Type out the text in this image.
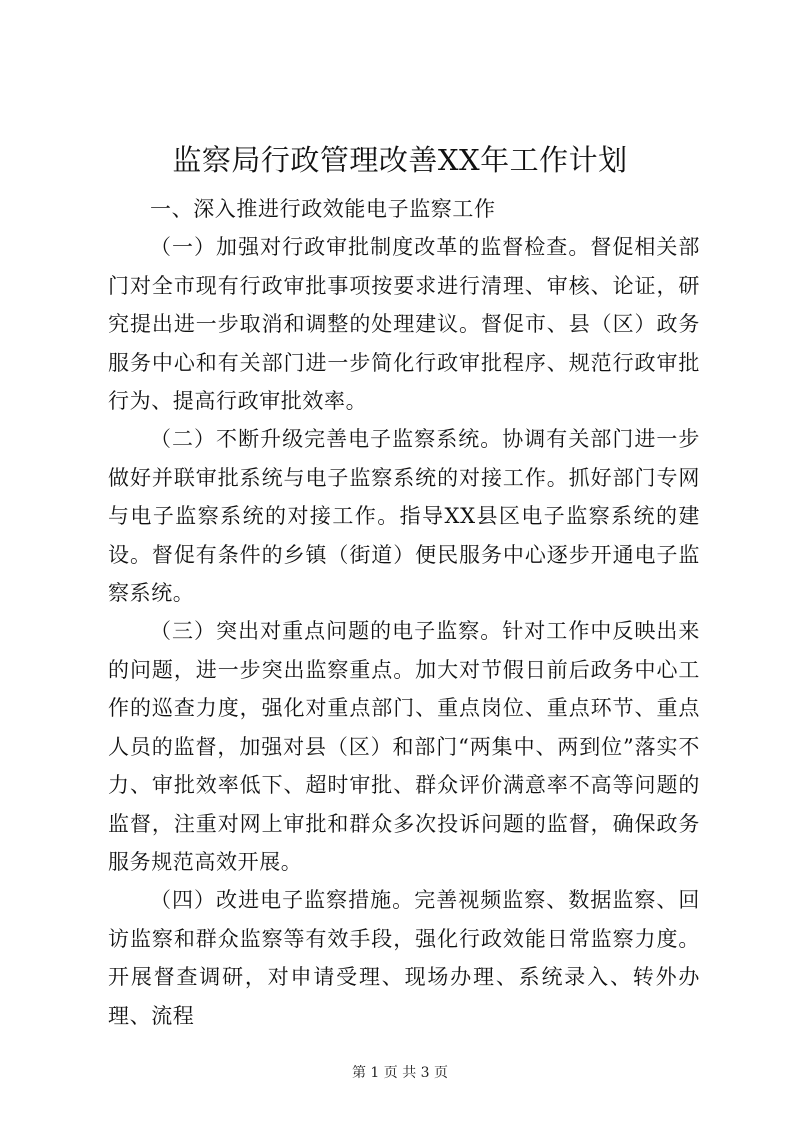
监察局行政管理改善XX年工作计划

一、深入推进行政效能电子监察工作

（一）加强对行政审批制度改革的监督检查。督促相关部门对全市现有行政审批事项按要求进行清理、审核、论证，研究提出进一步取消和调整的处理建议。督促市、县（区）政务服务中心和有关部门进一步简化行政审批程序、规范行政审批行为、提高行政审批效率。

（二）不断升级完善电子监察系统。协调有关部门进一步做好并联审批系统与电子监察系统的对接工作。抓好部门专网与电子监察系统的对接工作。指导XX县区电子监察系统的建设。督促有条件的乡镇（街道）便民服务中心逐步开通电子监察系统。

（三）突出对重点问题的电子监察。针对工作中反映出来的问题，进一步突出监察重点。加大对节假日前后政务中心工作的巡查力度，强化对重点部门、重点岗位、重点环节、重点人员的监督，加强对县（区）和部门“两集中、两到位”落实不力、审批效率低下、超时审批、群众评价满意率不高等问题的监督，注重对网上审批和群众多次投诉问题的监督，确保政务服务规范高效开展。

（四）改进电子监察措施。完善视频监察、数据监察、回访监察和群众监察等有效手段，强化行政效能日常监察力度。开展督查调研，对申请受理、现场办理、系统录入、转外办理、流程

第 1 页 共 3 页
